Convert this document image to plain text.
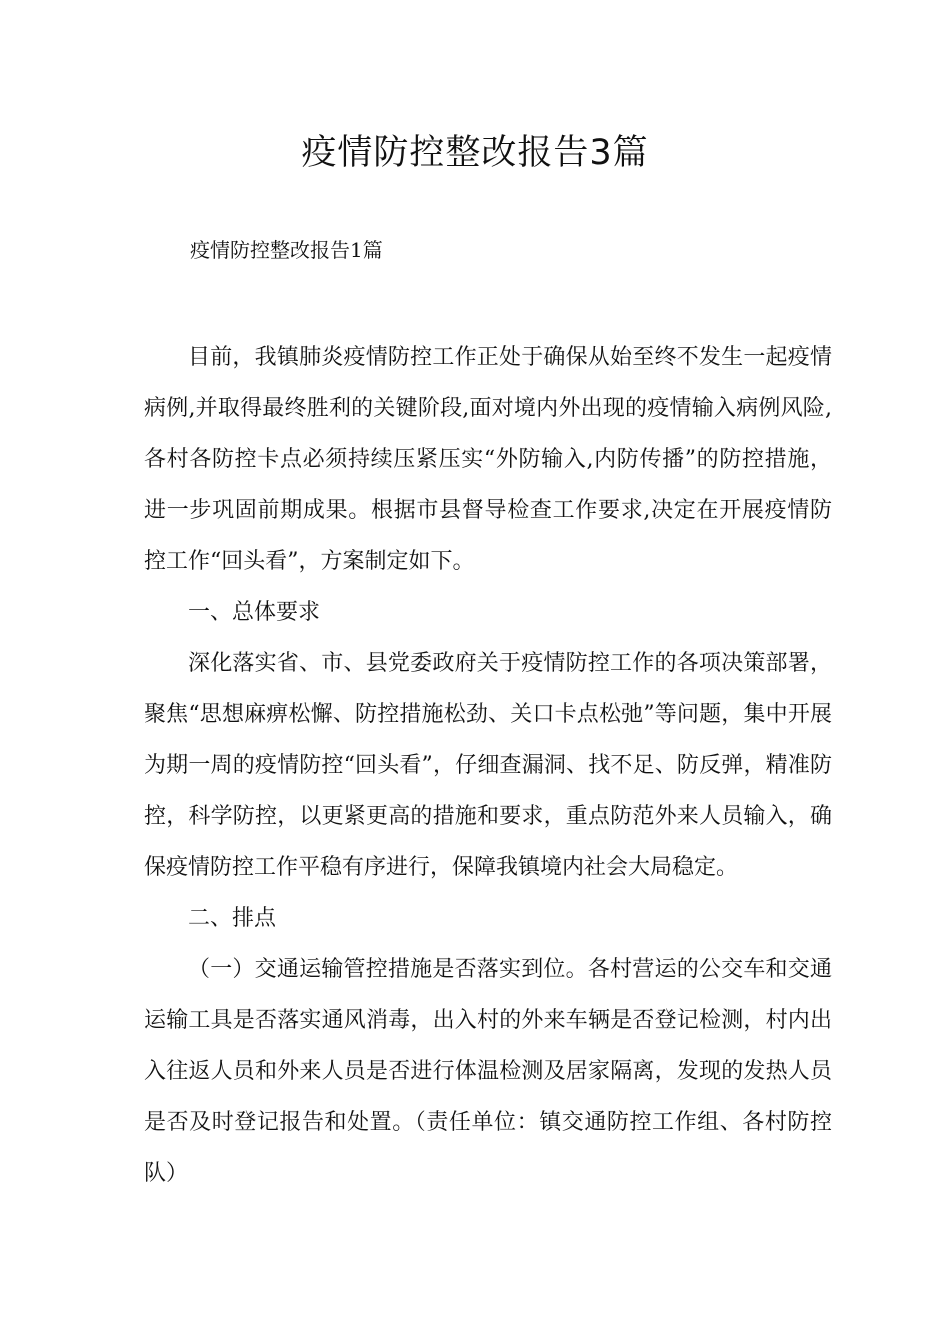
疫情防控整改报告3篇

疫情防控整改报告1篇

目前，我镇肺炎疫情防控工作正处于确保从始至终不发生一起疫情病例,并取得最终胜利的关键阶段,面对境内外出现的疫情输入病例风险,各村各防控卡点必须持续压紧压实“外防输入,内防传播”的防控措施，进一步巩固前期成果。根据市县督导检查工作要求,决定在开展疫情防控工作“回头看”，方案制定如下。

一、总体要求

深化落实省、市、县党委政府关于疫情防控工作的各项决策部署，聚焦“思想麻痹松懈、防控措施松劲、关口卡点松弛”等问题，集中开展为期一周的疫情防控“回头看”，仔细查漏洞、找不足、防反弹，精准防控，科学防控，以更紧更高的措施和要求，重点防范外来人员输入，确保疫情防控工作平稳有序进行，保障我镇境内社会大局稳定。

二、排点

（一）交通运输管控措施是否落实到位。各村营运的公交车和交通运输工具是否落实通风消毒，出入村的外来车辆是否登记检测，村内出入往返人员和外来人员是否进行体温检测及居家隔离，发现的发热人员是否及时登记报告和处置。（责任单位：镇交通防控工作组、各村防控队）
